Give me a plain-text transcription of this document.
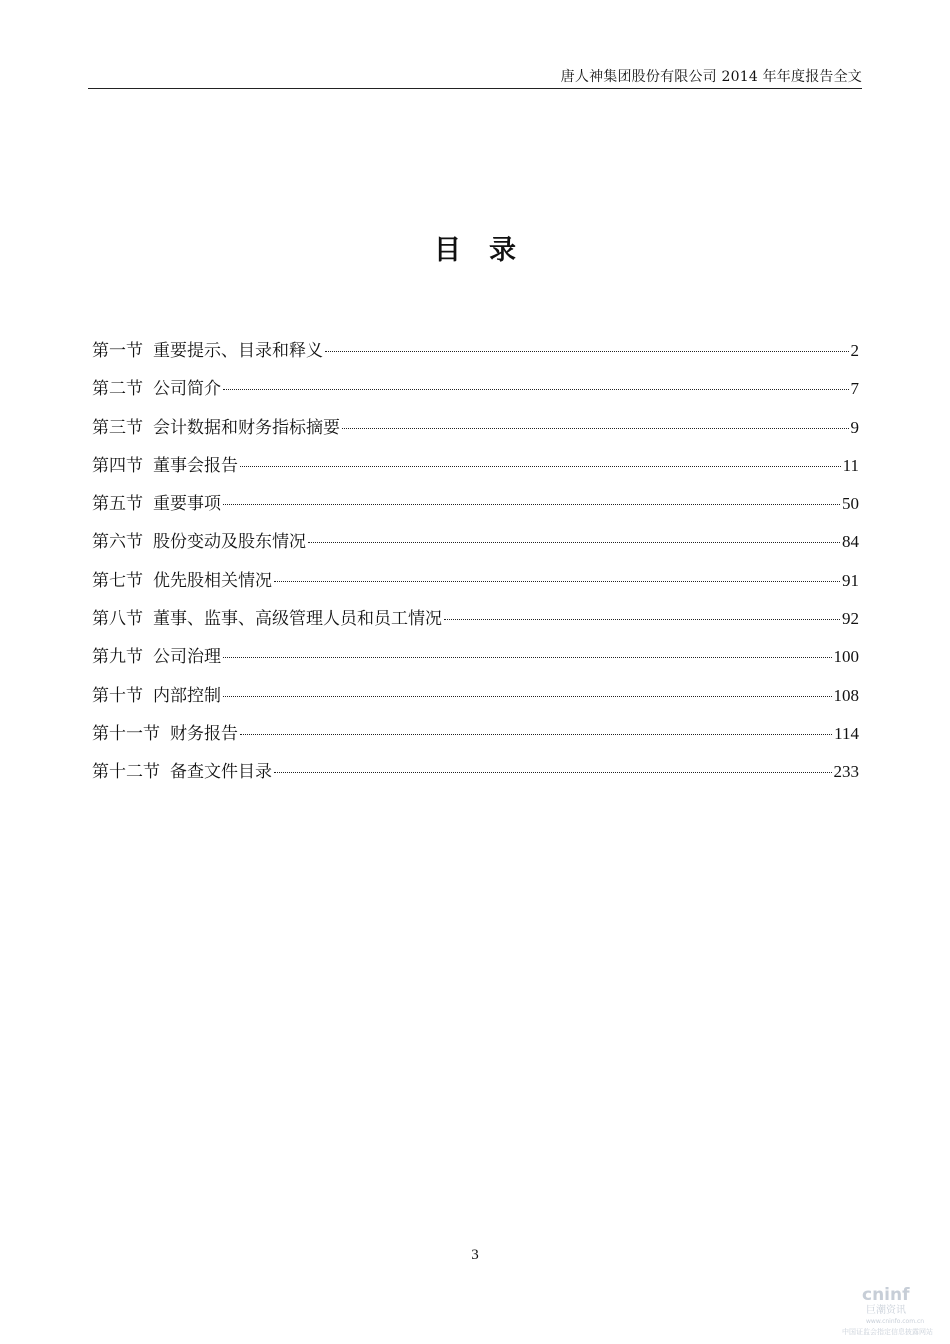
唐人神集团股份有限公司 2014 年年度报告全文
目录
第一节 重要提示、目录和释义	2
第二节 公司简介	7
第三节 会计数据和财务指标摘要	9
第四节 董事会报告	11
第五节 重要事项	50
第六节 股份变动及股东情况	84
第七节 优先股相关情况	91
第八节 董事、监事、高级管理人员和员工情况	92
第九节 公司治理	100
第十节 内部控制	108
第十一节 财务报告	114
第十二节 备查文件目录	233
3
cninf
巨潮资讯
www.cninfo.com.cn
中国证监会指定信息披露网站
